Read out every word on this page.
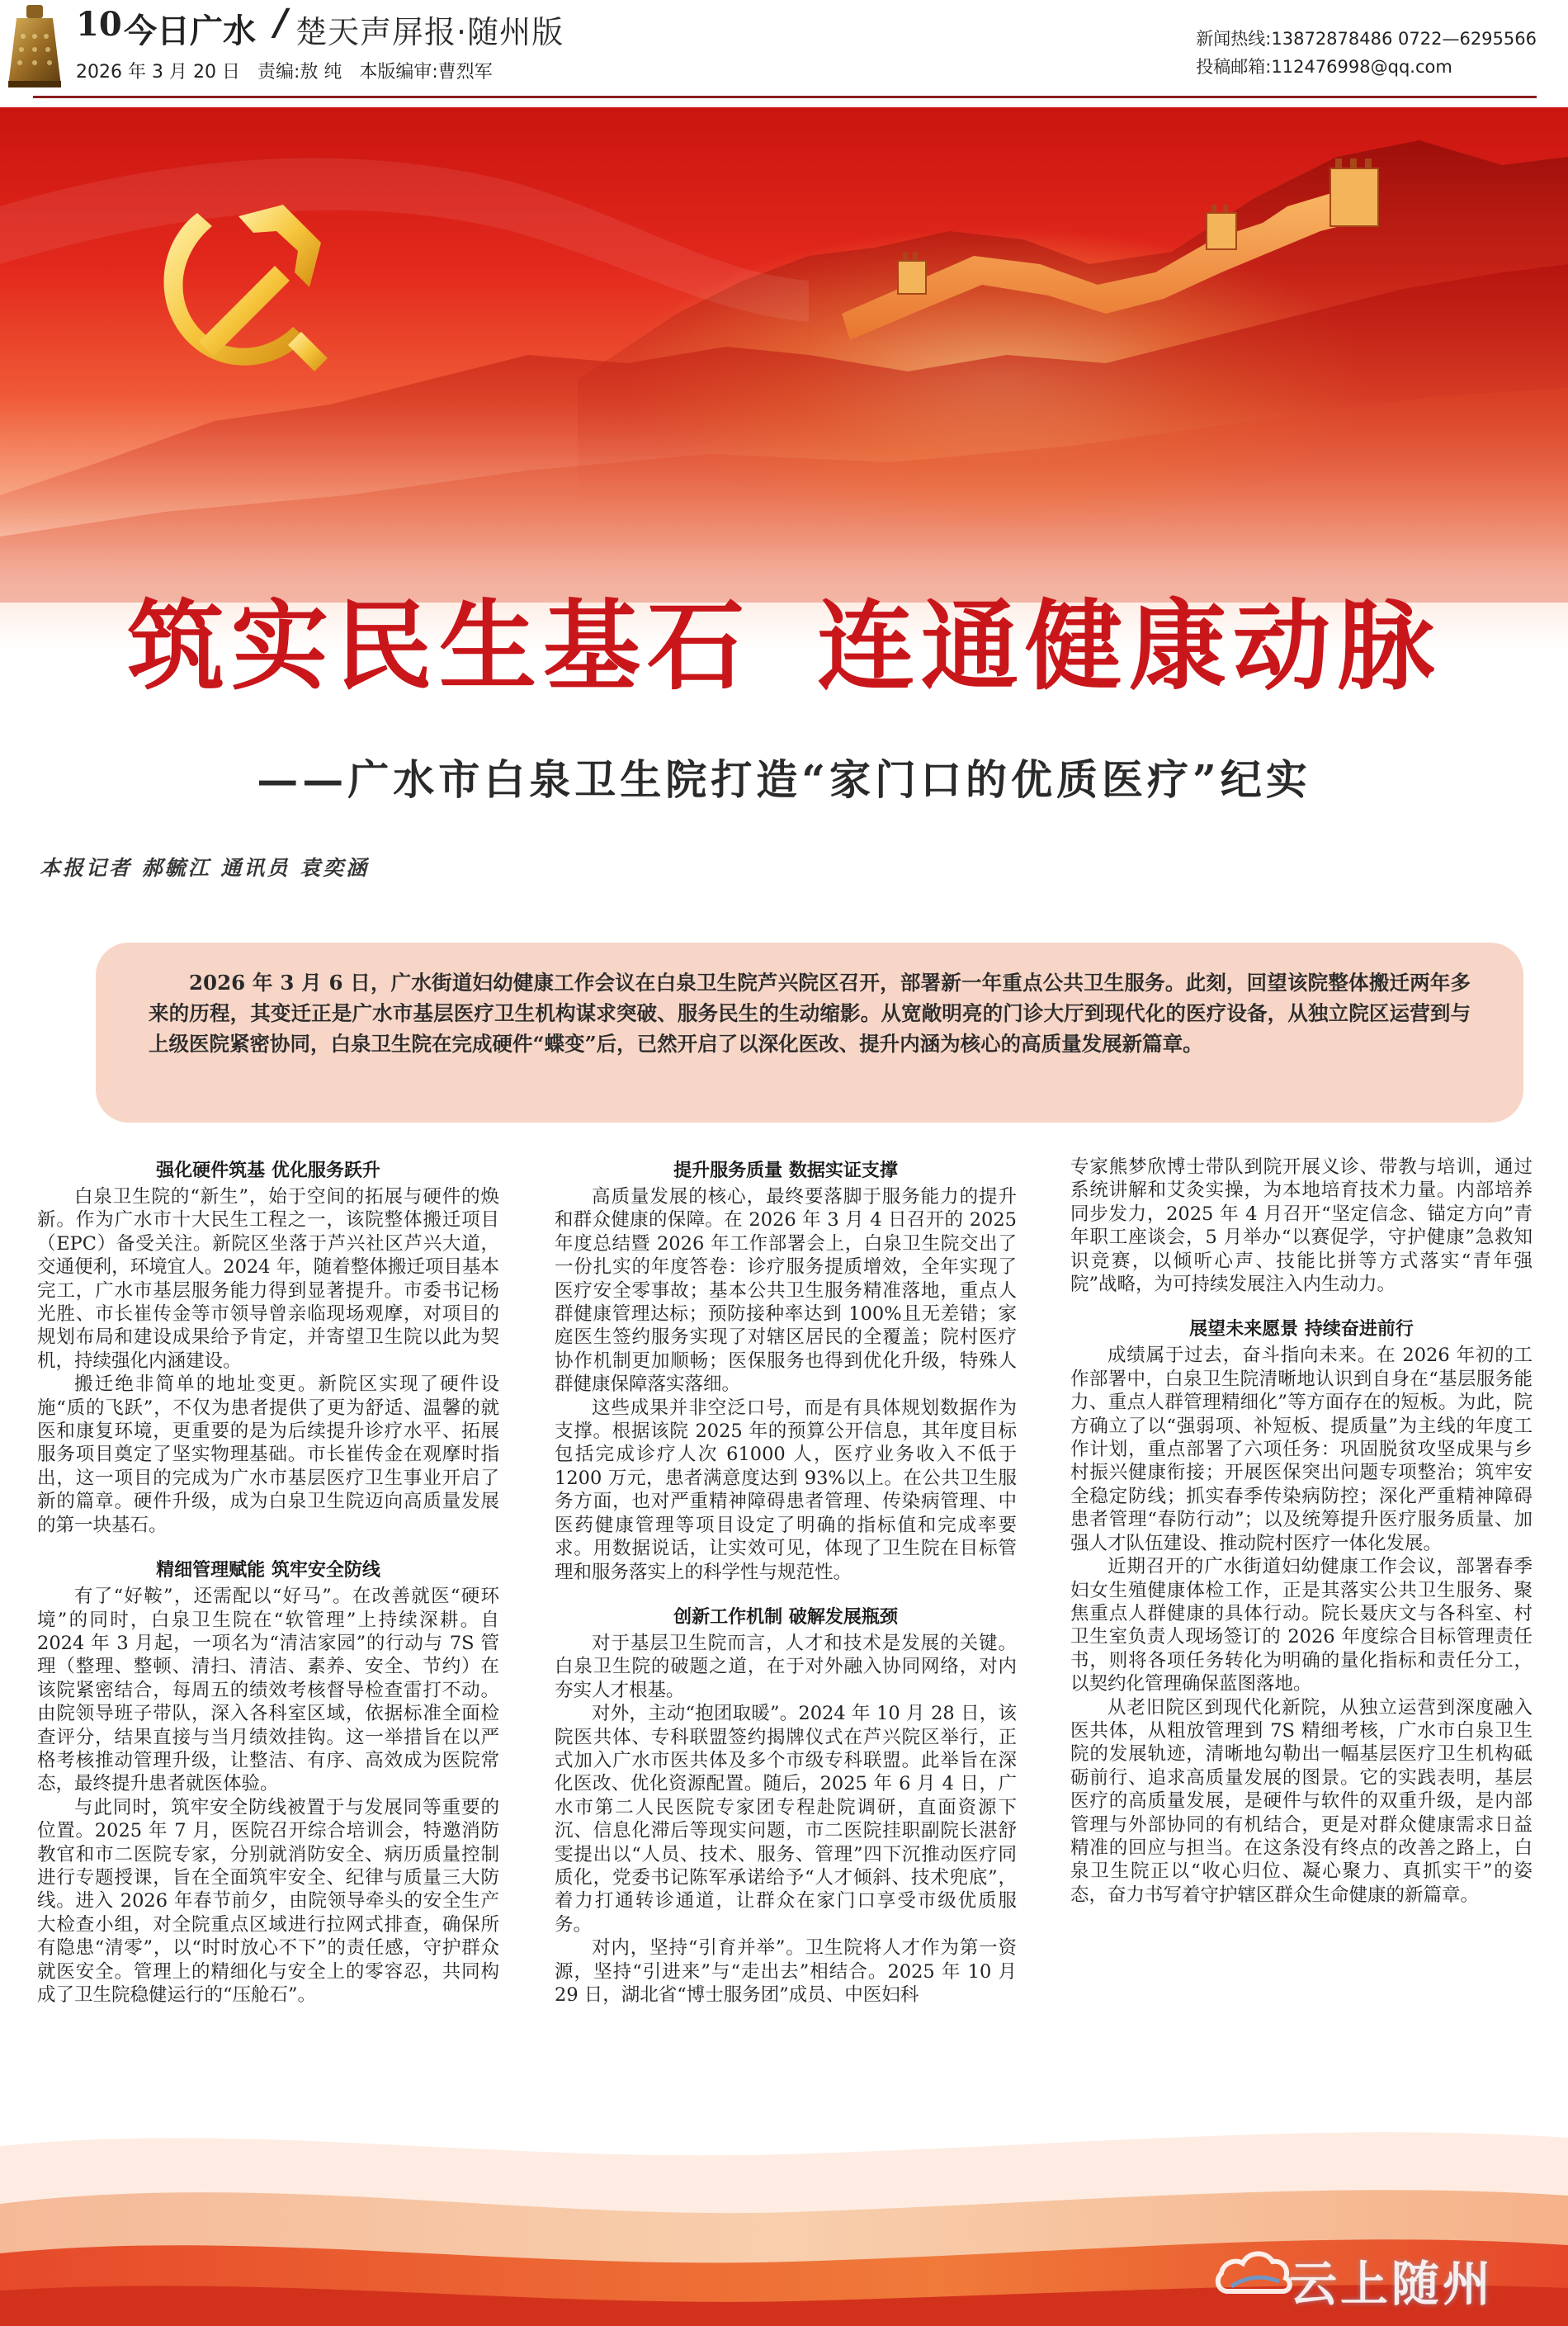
10 今日广水 / 楚天声屏报·随州版
2026 年 3 月 20 日 责编:敖 纯 本版编审:曹烈军
新闻热线:13872878486 0722—6295566
投稿邮箱:112476998@qq.com
筑实民生基石 连通健康动脉
——广水市白泉卫生院打造“家门口的优质医疗”纪实
本报记者 郝毓江 通讯员 袁奕涵

2026 年 3 月 6 日，广水街道妇幼健康工作会议在白泉卫生院芦兴院区召开，部署新一年重点公共卫生服务。此刻，回望该院整体搬迁两年多来的历程，其变迁正是广水市基层医疗卫生机构谋求突破、服务民生的生动缩影。从宽敞明亮的门诊大厅到现代化的医疗设备，从独立院区运营到与上级医院紧密协同，白泉卫生院在完成硬件“蝶变”后，已然开启了以深化医改、提升内涵为核心的高质量发展新篇章。

强化硬件筑基 优化服务跃升

白泉卫生院的“新生”，始于空间的拓展与硬件的焕新。作为广水市十大民生工程之一，该院整体搬迁项目（EPC）备受关注。新院区坐落于芦兴社区芦兴大道，交通便利，环境宜人。2024 年，随着整体搬迁项目基本完工，广水市基层服务能力得到显著提升。市委书记杨光胜、市长崔传金等市领导曾亲临现场观摩，对项目的规划布局和建设成果给予肯定，并寄望卫生院以此为契机，持续强化内涵建设。

搬迁绝非简单的地址变更。新院区实现了硬件设施“质的飞跃”，不仅为患者提供了更为舒适、温馨的就医和康复环境，更重要的是为后续提升诊疗水平、拓展服务项目奠定了坚实物理基础。市长崔传金在观摩时指出，这一项目的完成为广水市基层医疗卫生事业开启了新的篇章。硬件升级，成为白泉卫生院迈向高质量发展的第一块基石。

精细管理赋能 筑牢安全防线

有了“好鞍”，还需配以“好马”。在改善就医“硬环境”的同时，白泉卫生院在“软管理”上持续深耕。自 2024 年 3 月起，一项名为“清洁家园”的行动与 7S 管理（整理、整顿、清扫、清洁、素养、安全、节约）在该院紧密结合，每周五的绩效考核督导检查雷打不动。由院领导班子带队，深入各科室区域，依据标准全面检查评分，结果直接与当月绩效挂钩。这一举措旨在以严格考核推动管理升级，让整洁、有序、高效成为医院常态，最终提升患者就医体验。

与此同时，筑牢安全防线被置于与发展同等重要的位置。2025 年 7 月，医院召开综合培训会，特邀消防教官和市二医院专家，分别就消防安全、病历质量控制进行专题授课，旨在全面筑牢安全、纪律与质量三大防线。进入 2026 年春节前夕，由院领导牵头的安全生产大检查小组，对全院重点区域进行拉网式排查，确保所有隐患“清零”，以“时时放心不下”的责任感，守护群众就医安全。管理上的精细化与安全上的零容忍，共同构成了卫生院稳健运行的“压舱石”。

提升服务质量 数据实证支撑

高质量发展的核心，最终要落脚于服务能力的提升和群众健康的保障。在 2026 年 3 月 4 日召开的 2025 年度总结暨 2026 年工作部署会上，白泉卫生院交出了一份扎实的年度答卷：诊疗服务提质增效，全年实现了医疗安全零事故；基本公共卫生服务精准落地，重点人群健康管理达标；预防接种率达到 100%且无差错；家庭医生签约服务实现了对辖区居民的全覆盖；院村医疗协作机制更加顺畅；医保服务也得到优化升级，特殊人群健康保障落实落细。

这些成果并非空泛口号，而是有具体规划数据作为支撑。根据该院 2025 年的预算公开信息，其年度目标包括完成诊疗人次 61000 人，医疗业务收入不低于 1200 万元，患者满意度达到 93%以上。在公共卫生服务方面，也对严重精神障碍患者管理、传染病管理、中医药健康管理等项目设定了明确的指标值和完成率要求。用数据说话，让实效可见，体现了卫生院在目标管理和服务落实上的科学性与规范性。

创新工作机制 破解发展瓶颈

对于基层卫生院而言，人才和技术是发展的关键。白泉卫生院的破题之道，在于对外融入协同网络，对内夯实人才根基。

对外，主动“抱团取暖”。2024 年 10 月 28 日，该院医共体、专科联盟签约揭牌仪式在芦兴院区举行，正式加入广水市医共体及多个市级专科联盟。此举旨在深化医改、优化资源配置。随后，2025 年 6 月 4 日，广水市第二人民医院专家团专程赴院调研，直面资源下沉、信息化滞后等现实问题，市二医院挂职副院长湛舒雯提出以“人员、技术、服务、管理”四下沉推动医疗同质化，党委书记陈军承诺给予“人才倾斜、技术兜底”，着力打通转诊通道，让群众在家门口享受市级优质服务。

对内，坚持“引育并举”。卫生院将人才作为第一资源，坚持“引进来”与“走出去”相结合。2025 年 10 月 29 日，湖北省“博士服务团”成员、中医妇科

专家熊梦欣博士带队到院开展义诊、带教与培训，通过系统讲解和艾灸实操，为本地培育技术力量。内部培养同步发力，2025 年 4 月召开“坚定信念、锚定方向”青年职工座谈会，5 月举办“以赛促学，守护健康”急救知识竞赛，以倾听心声、技能比拼等方式落实“青年强院”战略，为可持续发展注入内生动力。

展望未来愿景 持续奋进前行

成绩属于过去，奋斗指向未来。在 2026 年初的工作部署中，白泉卫生院清晰地认识到自身在“基层服务能力、重点人群管理精细化”等方面存在的短板。为此，院方确立了以“强弱项、补短板、提质量”为主线的年度工作计划，重点部署了六项任务：巩固脱贫攻坚成果与乡村振兴健康衔接；开展医保突出问题专项整治；筑牢安全稳定防线；抓实春季传染病防控；深化严重精神障碍患者管理“春防行动”；以及统筹提升医疗服务质量、加强人才队伍建设、推动院村医疗一体化发展。

近期召开的广水街道妇幼健康工作会议，部署春季妇女生殖健康体检工作，正是其落实公共卫生服务、聚焦重点人群健康的具体行动。院长聂庆文与各科室、村卫生室负责人现场签订的 2026 年度综合目标管理责任书，则将各项任务转化为明确的量化指标和责任分工，以契约化管理确保蓝图落地。

从老旧院区到现代化新院，从独立运营到深度融入医共体，从粗放管理到 7S 精细考核，广水市白泉卫生院的发展轨迹，清晰地勾勒出一幅基层医疗卫生机构砥砺前行、追求高质量发展的图景。它的实践表明，基层医疗的高质量发展，是硬件与软件的双重升级，是内部管理与外部协同的有机结合，更是对群众健康需求日益精准的回应与担当。在这条没有终点的改善之路上，白泉卫生院正以“收心归位、凝心聚力、真抓实干”的姿态，奋力书写着守护辖区群众生命健康的新篇章。

云上随州
